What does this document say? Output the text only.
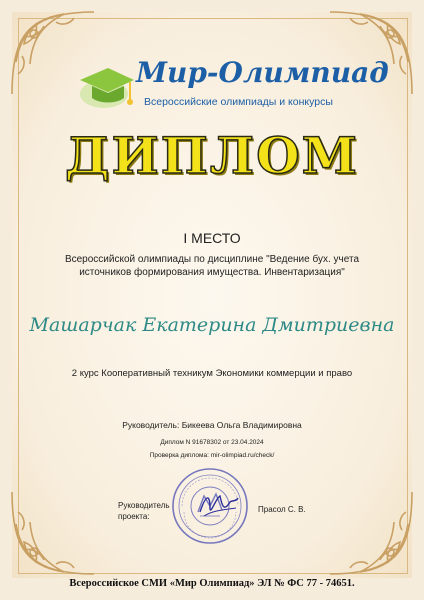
Мир-Олимпиад
Всероссийские олимпиады и конкурсы
ДИПЛОМ
I МЕСТО
Всероссийской олимпиады по дисциплине "Ведение бух. учета
источников формирования имущества. Инвентаризация"
Машарчак Екатерина Дмитриевна
2 курс Кооперативный техникум Экономики коммерции и право
Руководитель: Бикеева Ольга Владимировна
Диплом N 91678302 от 23.04.2024
Проверка диплома: mir-olimpiad.ru/check/
Руководитель
проекта:
Прасол С. В.
Всероссийское СМИ «Мир Олимпиад» ЭЛ № ФС 77 - 74651.
